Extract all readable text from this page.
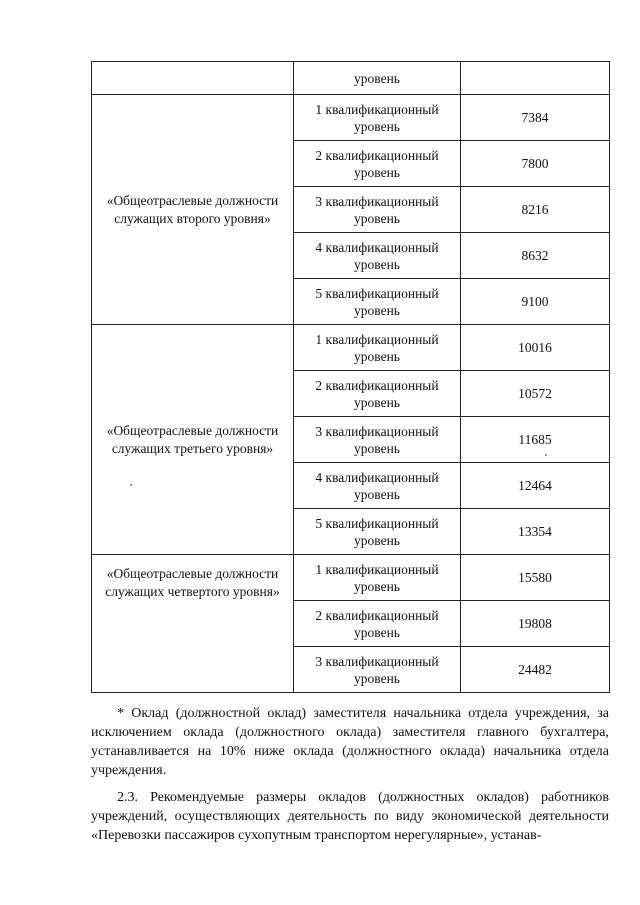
	уровень	
«Общеотраслевые должности служащих второго уровня»	1 квалификационный уровень	7384
	2 квалификационный уровень	7800
	3 квалификационный уровень	8216
	4 квалификационный уровень	8632
	5 квалификационный уровень	9100
«Общеотраслевые должности служащих третьего уровня»	1 квалификационный уровень	10016
	2 квалификационный уровень	10572
	3 квалификационный уровень	11685
	4 квалификационный уровень	12464
	5 квалификационный уровень	13354
«Общеотраслевые должности служащих четвертого уровня»	1 квалификационный уровень	15580
	2 квалификационный уровень	19808
	3 квалификационный уровень	24482

* Оклад (должностной оклад) заместителя начальника отдела учреждения, за исключением оклада (должностного оклада) заместителя главного бухгалтера, устанавливается на 10% ниже оклада (должностного оклада) начальника отдела учреждения.

2.3. Рекомендуемые размеры окладов (должностных окладов) работников учреждений, осуществляющих деятельность по виду экономической деятельности «Перевозки пассажиров сухопутным транспортом нерегулярные», устанав-
